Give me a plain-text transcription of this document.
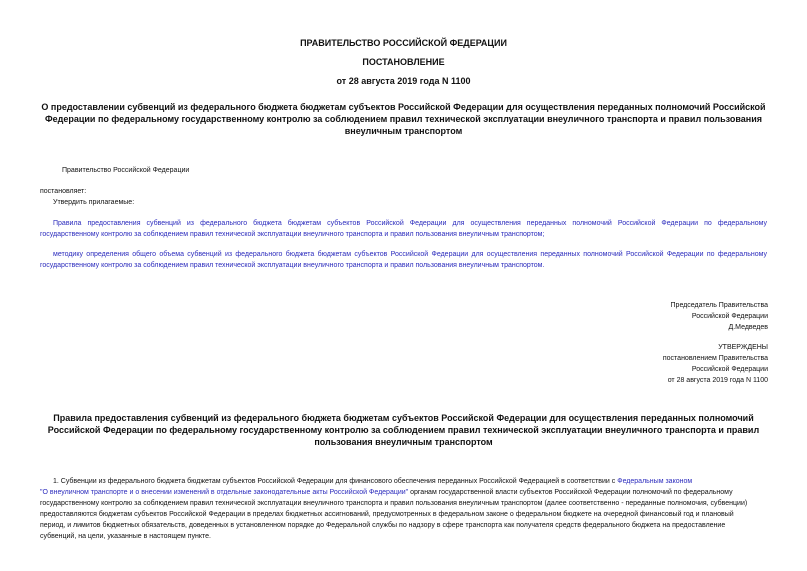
ПРАВИТЕЛЬСТВО РОССИЙСКОЙ ФЕДЕРАЦИИ
ПОСТАНОВЛЕНИЕ
от 28 августа 2019 года N 1100
О предоставлении субвенций из федерального бюджета бюджетам субъектов Российской Федерации для осуществления переданных полномочий Российской
Федерации по федеральному государственному контролю за соблюдением правил технической эксплуатации внеуличного транспорта и правил пользования
внеуличным транспортом
Правительство Российской Федерации
постановляет:
Утвердить прилагаемые:
Правила предоставления субвенций из федерального бюджета бюджетам субъектов Российской Федерации для осуществления переданных полномочий Российской Федерации по федеральному
государственному контролю за соблюдением правил технической эксплуатации внеуличного транспорта и правил пользования внеуличным транспортом;
методику определения общего объема субвенций из федерального бюджета бюджетам субъектов Российской Федерации для осуществления переданных полномочий Российской Федерации по федеральному
государственному контролю за соблюдением правил технической эксплуатации внеуличного транспорта и правил пользования внеуличным транспортом.
Председатель Правительства
Российской Федерации
Д.Медведев
УТВЕРЖДЕНЫ
постановлением Правительства
Российской Федерации
от 28 августа 2019 года N 1100
Правила предоставления субвенций из федерального бюджета бюджетам субъектов Российской Федерации для осуществления переданных полномочий
Российской Федерации по федеральному государственному контролю за соблюдением правил технической эксплуатации внеуличного транспорта и правил
пользования внеуличным транспортом
1. Субвенции из федерального бюджета бюджетам субъектов Российской Федерации для финансового обеспечения переданных Российской Федерацией в соответствии с Федеральным законом
"О внеуличном транспорте и о внесении изменений в отдельные законодательные акты Российской Федерации" органам государственной власти субъектов Российской Федерации полномочий по федеральному
государственному контролю за соблюдением правил технической эксплуатации внеуличного транспорта и правил пользования внеуличным транспортом (далее соответственно - переданные полномочия, субвенции)
предоставляются бюджетам субъектов Российской Федерации в пределах бюджетных ассигнований, предусмотренных в федеральном законе о федеральном бюджете на очередной финансовый год и плановый
период, и лимитов бюджетных обязательств, доведенных в установленном порядке до Федеральной службы по надзору в сфере транспорта как получателя средств федерального бюджета на предоставление
субвенций, на цели, указанные в настоящем пункте.
